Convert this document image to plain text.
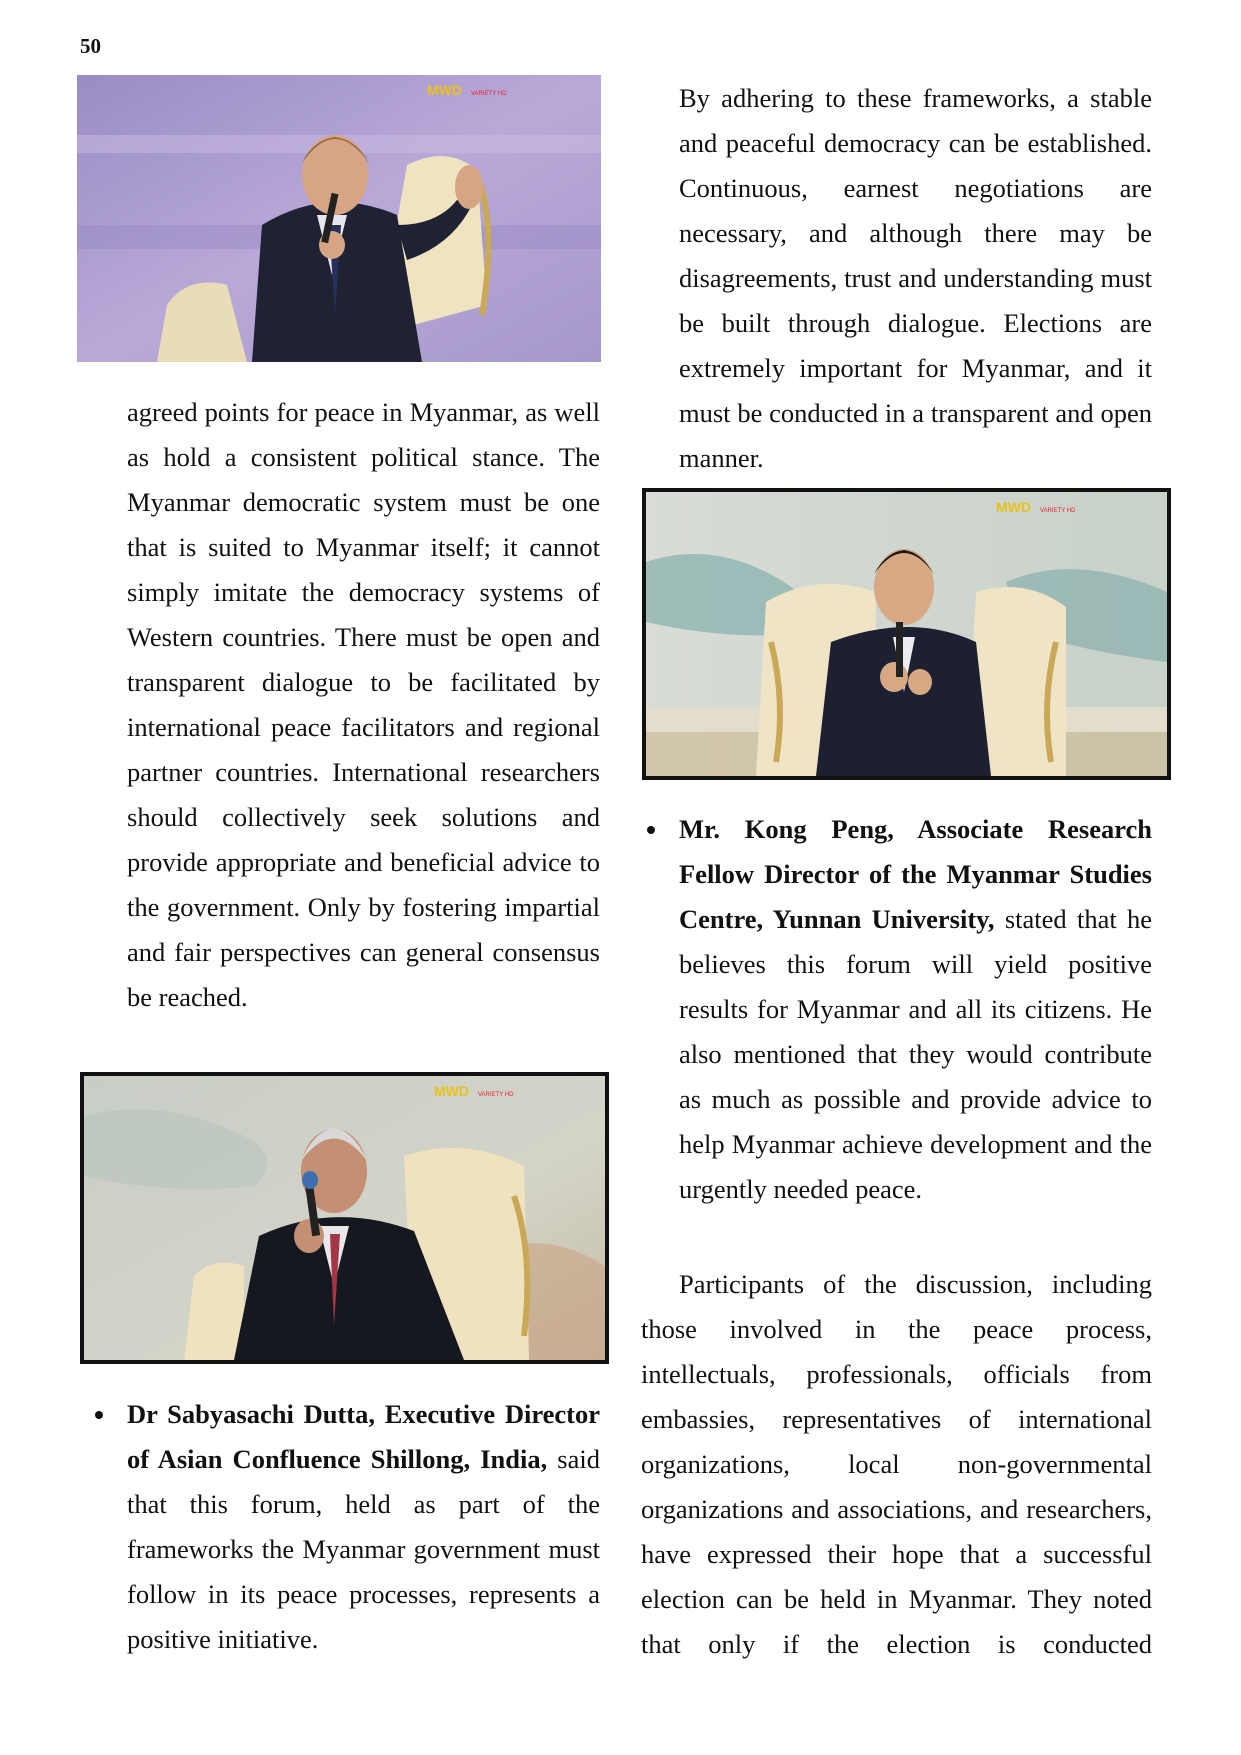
50
MWD VARIETY HD
MWD VARIETY HD
MWD VARIETY HD

agreed points for peace in Myanmar, as well as hold a consistent political stance. The Myanmar democratic system must be one that is suited to Myanmar itself; it cannot simply imitate the democracy systems of Western countries. There must be open and transparent dialogue to be facilitated by international peace facilitators and regional partner countries. International researchers should collectively seek solutions and provide appropriate and beneficial advice to the government. Only by fostering impartial and fair perspectives can general consensus be reached.

Dr Sabyasachi Dutta, Executive Director of Asian Confluence Shillong, India, said that this forum, held as part of the frameworks the Myanmar government must follow in its peace processes, represents a positive initiative.

By adhering to these frameworks, a stable and peaceful democracy can be established. Continuous, earnest negotiations are necessary, and although there may be disagreements, trust and understanding must be built through dialogue. Elections are extremely important for Myanmar, and it must be conducted in a transparent and open manner.

Mr. Kong Peng, Associate Research Fellow Director of the Myanmar Studies Centre, Yunnan University, stated that he believes this forum will yield positive results for Myanmar and all its citizens. He also mentioned that they would contribute as much as possible and provide advice to help Myanmar achieve development and the urgently needed peace.

Participants of the discussion, including those involved in the peace process, intellectuals, professionals, officials from embassies, representatives of international organizations, local non-governmental organizations and associations, and researchers, have expressed their hope that a successful election can be held in Myanmar. They noted that only if the election is conducted
